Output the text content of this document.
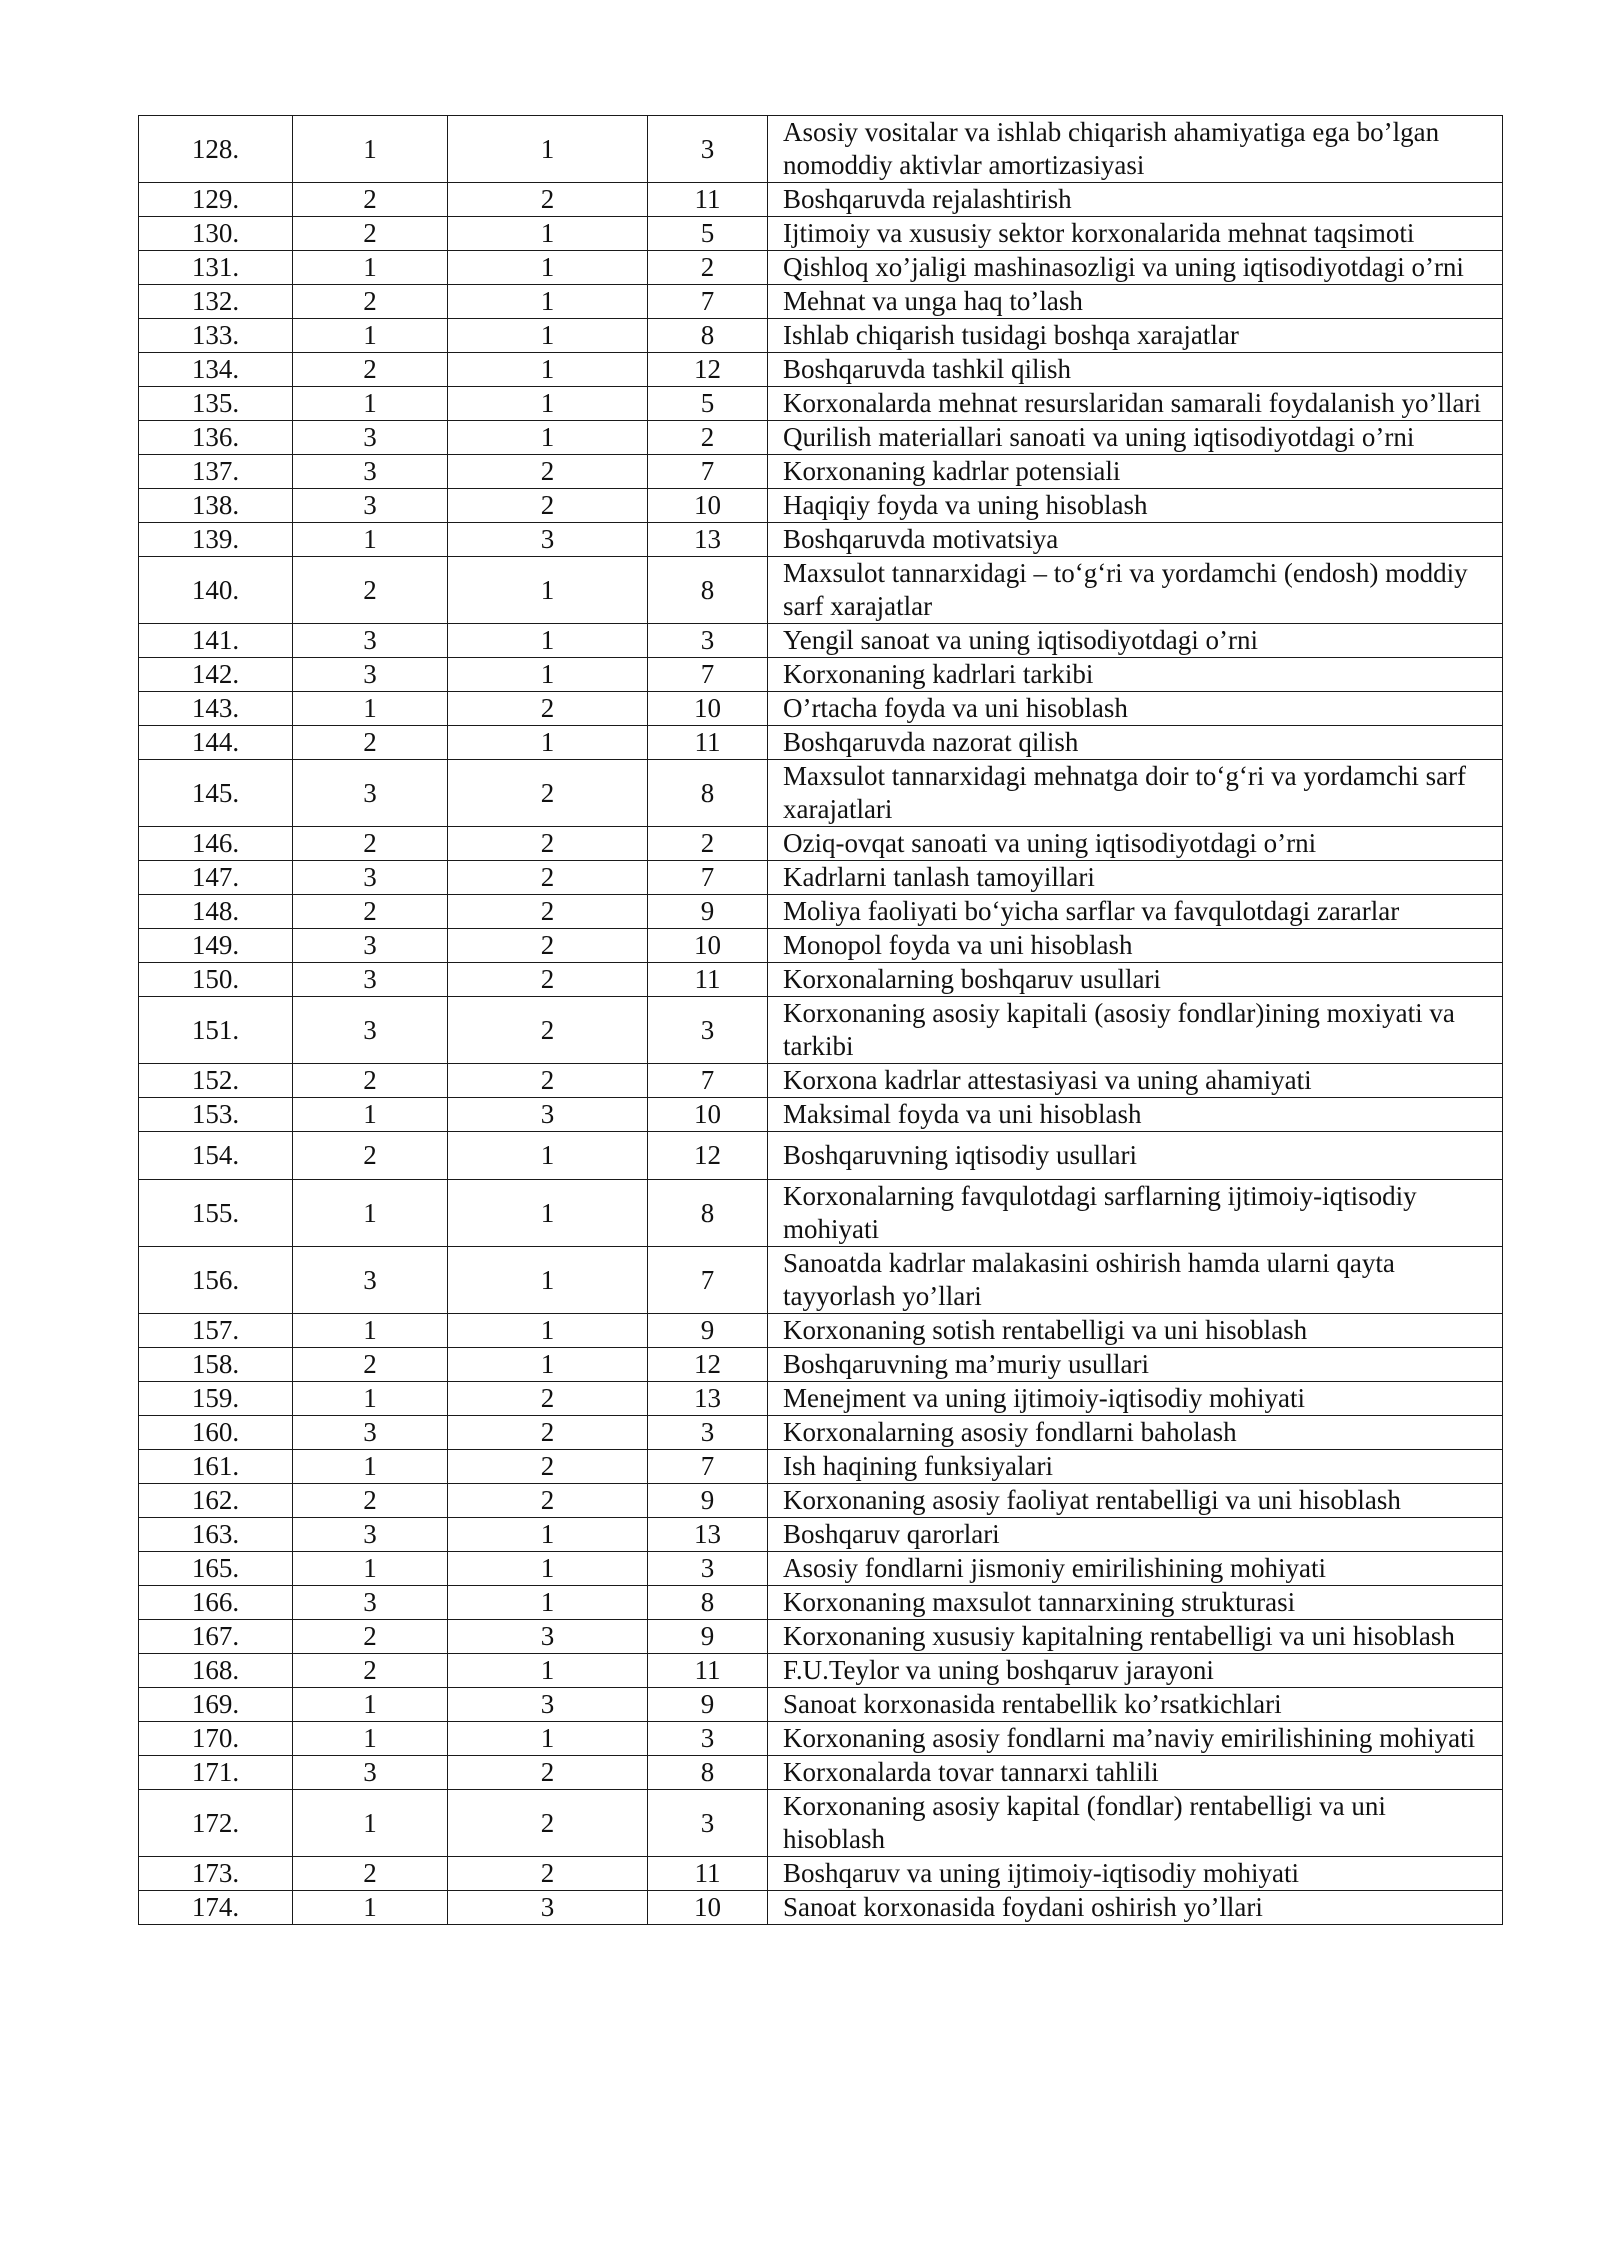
128.	1	1	3	Asosiy vositalar va ishlab chiqarish ahamiyatiga ega bo’lgan nomoddiy aktivlar amortizasiyasi
129.	2	2	11	Boshqaruvda rejalashtirish
130.	2	1	5	Ijtimoiy va xususiy sektor korxonalarida mehnat taqsimoti
131.	1	1	2	Qishloq xo’jaligi mashinasozligi va uning iqtisodiyotdagi o’rni
132.	2	1	7	Mehnat va unga haq to’lash
133.	1	1	8	Ishlab chiqarish tusidagi boshqa xarajatlar
134.	2	1	12	Boshqaruvda tashkil qilish
135.	1	1	5	Korxonalarda mehnat resurslaridan samarali foydalanish yo’llari
136.	3	1	2	Qurilish materiallari sanoati va uning iqtisodiyotdagi o’rni
137.	3	2	7	Korxonaning kadrlar potensiali
138.	3	2	10	Haqiqiy foyda va uning hisoblash
139.	1	3	13	Boshqaruvda motivatsiya
140.	2	1	8	Maxsulot tannarxidagi – to‘g‘ri va yordamchi (endosh) moddiy sarf xarajatlar
141.	3	1	3	Yengil sanoat va uning iqtisodiyotdagi o’rni
142.	3	1	7	Korxonaning kadrlari tarkibi
143.	1	2	10	O’rtacha foyda va uni hisoblash
144.	2	1	11	Boshqaruvda nazorat qilish
145.	3	2	8	Maxsulot tannarxidagi mehnatga doir to‘g‘ri va yordamchi sarf xarajatlari
146.	2	2	2	Oziq-ovqat sanoati va uning iqtisodiyotdagi o’rni
147.	3	2	7	Kadrlarni tanlash tamoyillari
148.	2	2	9	Moliya faoliyati bo‘yicha sarflar va favqulotdagi zararlar
149.	3	2	10	Monopol foyda va uni hisoblash
150.	3	2	11	Korxonalarning boshqaruv usullari
151.	3	2	3	Korxonaning asosiy kapitali (asosiy fondlar)ining moxiyati va tarkibi
152.	2	2	7	Korxona kadrlar attestasiyasi va uning ahamiyati
153.	1	3	10	Maksimal foyda va uni hisoblash
154.	2	1	12	Boshqaruvning iqtisodiy usullari
155.	1	1	8	Korxonalarning favqulotdagi sarflarning ijtimoiy-iqtisodiy mohiyati
156.	3	1	7	Sanoatda kadrlar malakasini oshirish hamda ularni qayta tayyorlash yo’llari
157.	1	1	9	Korxonaning sotish rentabelligi va uni hisoblash
158.	2	1	12	Boshqaruvning ma’muriy usullari
159.	1	2	13	Menejment va uning ijtimoiy-iqtisodiy mohiyati
160.	3	2	3	Korxonalarning asosiy fondlarni baholash
161.	1	2	7	Ish haqining funksiyalari
162.	2	2	9	Korxonaning asosiy faoliyat rentabelligi va uni hisoblash
163.	3	1	13	Boshqaruv qarorlari
165.	1	1	3	Asosiy fondlarni jismoniy emirilishining mohiyati
166.	3	1	8	Korxonaning maxsulot tannarxining strukturasi
167.	2	3	9	Korxonaning xususiy kapitalning rentabelligi va uni hisoblash
168.	2	1	11	F.U.Teylor va uning boshqaruv jarayoni
169.	1	3	9	Sanoat korxonasida rentabellik ko’rsatkichlari
170.	1	1	3	Korxonaning asosiy fondlarni ma’naviy emirilishining mohiyati
171.	3	2	8	Korxonalarda tovar tannarxi tahlili
172.	1	2	3	Korxonaning asosiy kapital (fondlar) rentabelligi va uni hisoblash
173.	2	2	11	Boshqaruv va uning ijtimoiy-iqtisodiy mohiyati
174.	1	3	10	Sanoat korxonasida foydani oshirish yo’llari
